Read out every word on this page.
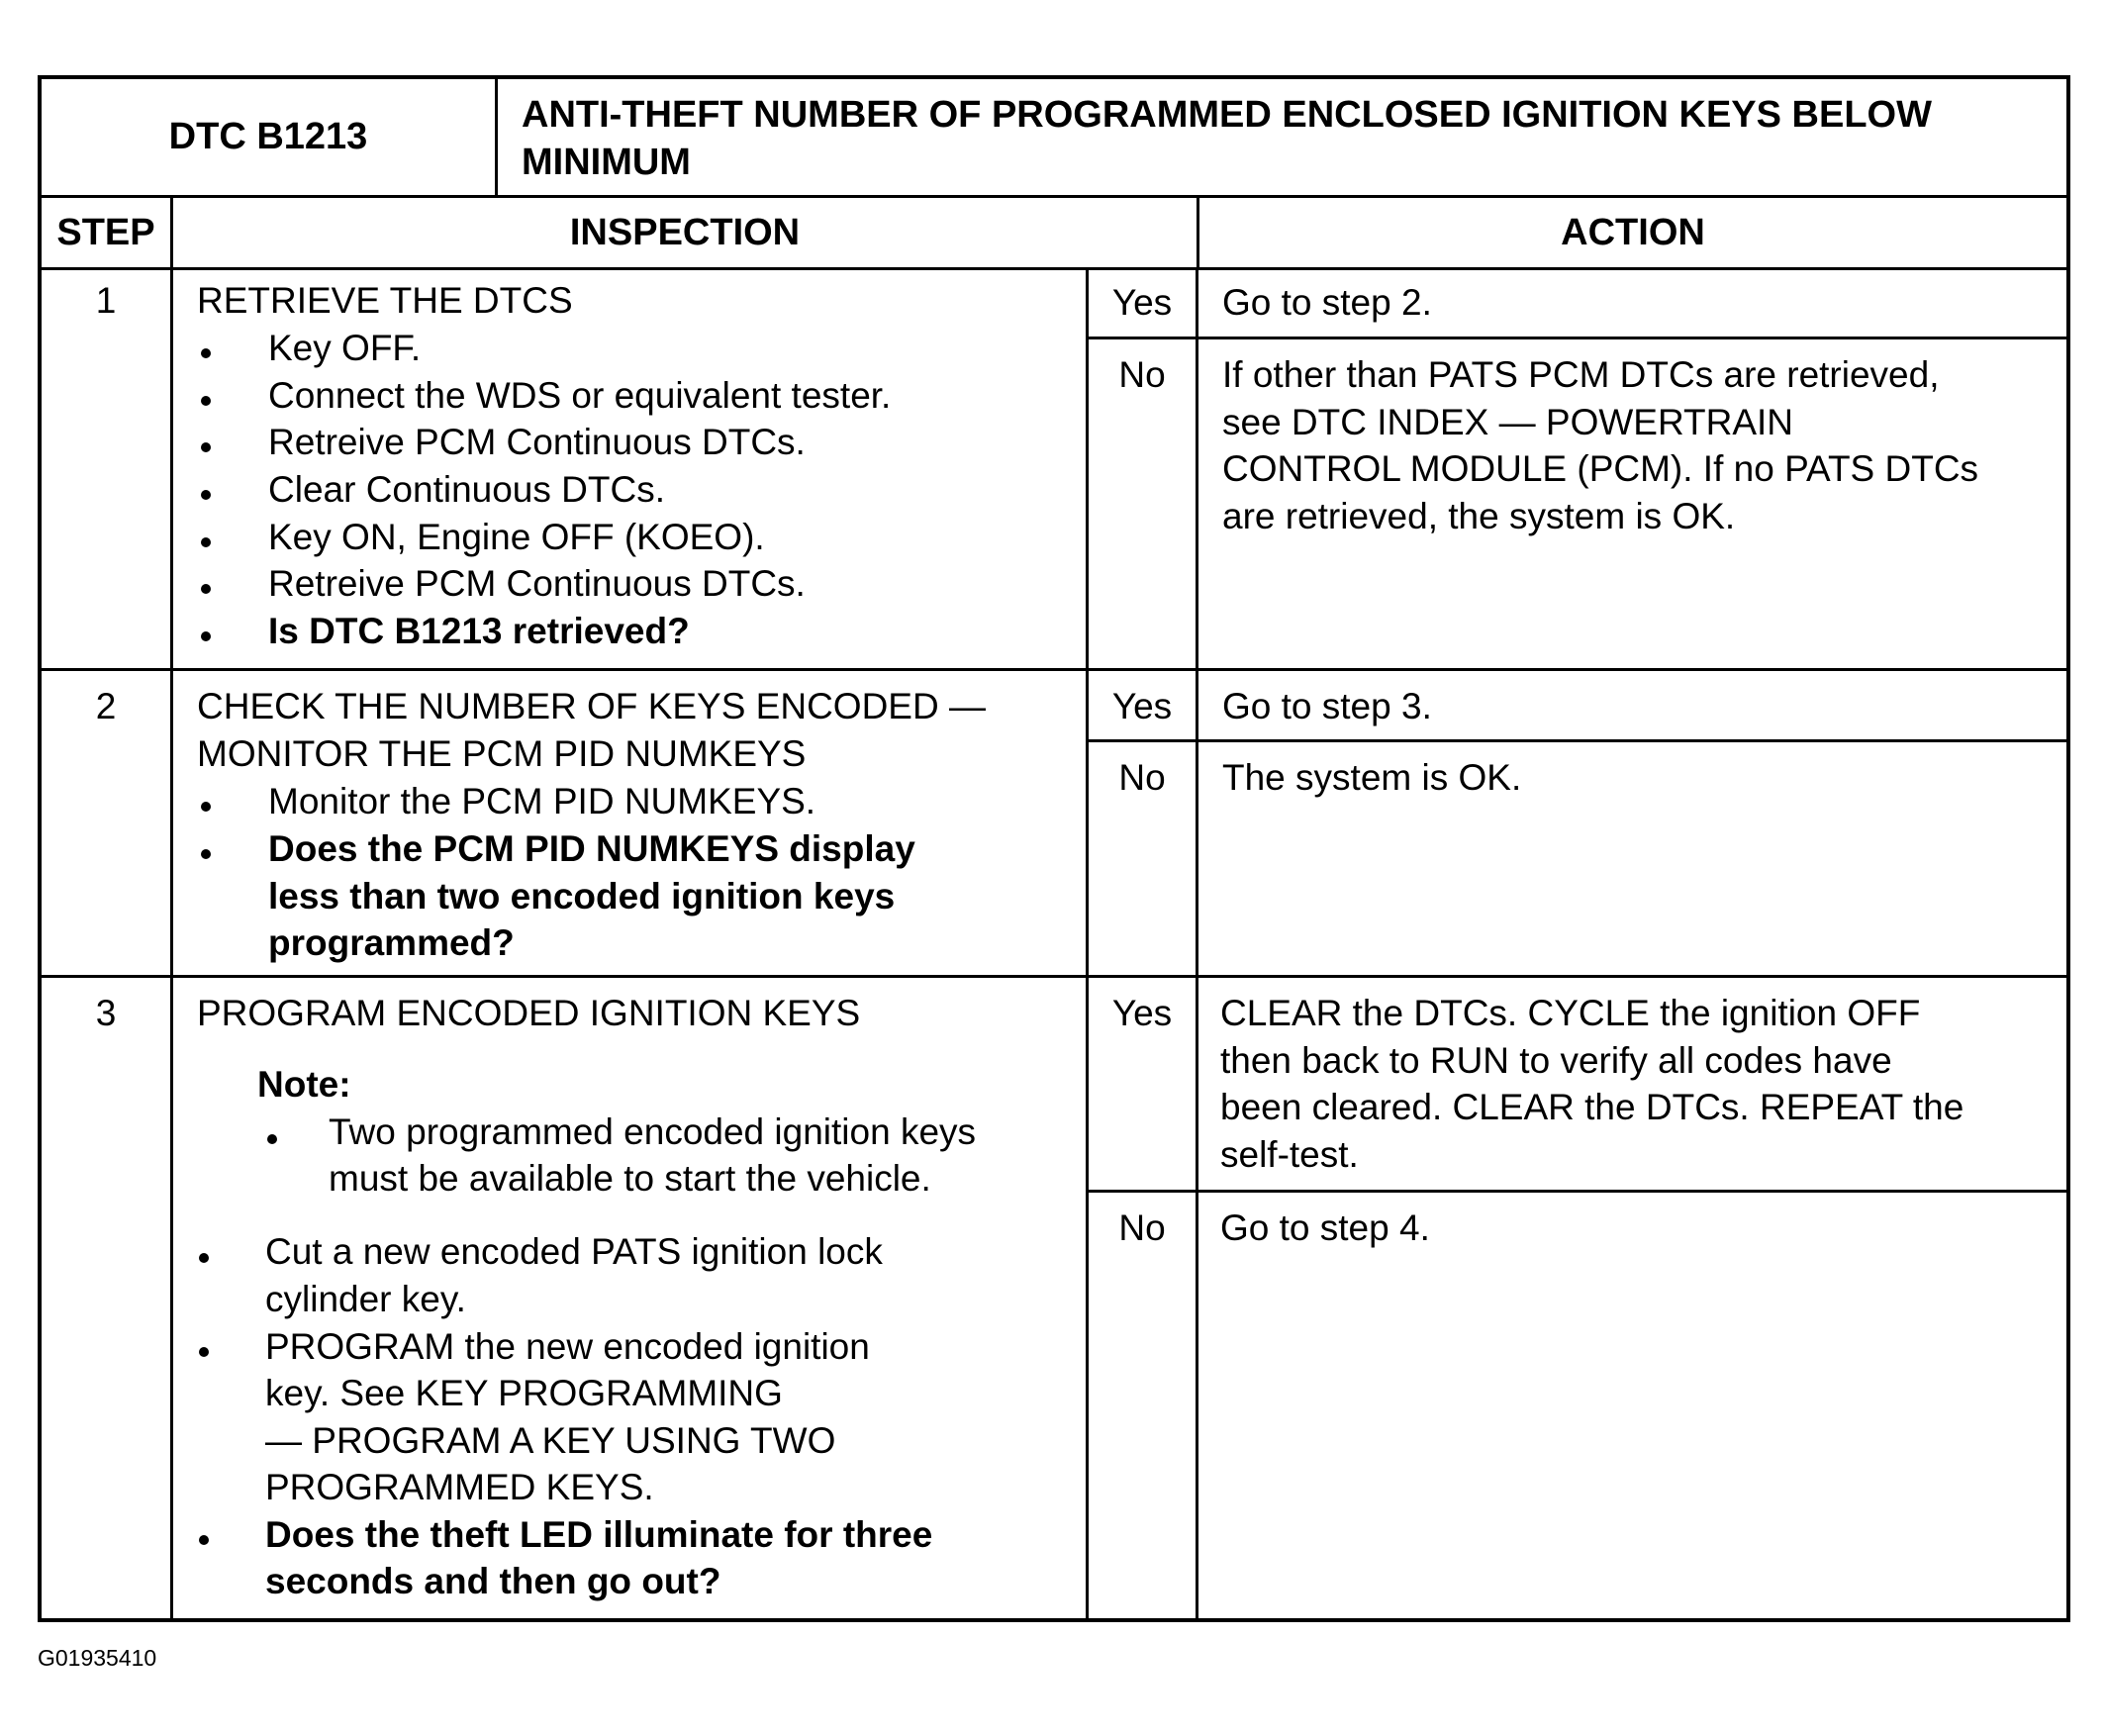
DTC B1213
ANTI-THEFT NUMBER OF PROGRAMMED ENCLOSED IGNITION KEYS BELOW
MINIMUM
STEP	INSPECTION	ACTION
1	RETRIEVE THE DTCS
Key OFF.
Connect the WDS or equivalent tester.
Retreive PCM Continuous DTCs.
Clear Continuous DTCs.
Key ON, Engine OFF (KOEO).
Retreive PCM Continuous DTCs.
Is DTC B1213 retrieved?
Yes	Go to step 2.
No	If other than PATS PCM DTCs are retrieved,
see DTC INDEX — POWERTRAIN
CONTROL MODULE (PCM). If no PATS DTCs
are retrieved, the system is OK.
2	CHECK THE NUMBER OF KEYS ENCODED —
MONITOR THE PCM PID NUMKEYS
Monitor the PCM PID NUMKEYS.
Does the PCM PID NUMKEYS display
less than two encoded ignition keys
programmed?
Yes	Go to step 3.
No	The system is OK.
3	PROGRAM ENCODED IGNITION KEYS
Note:
Two programmed encoded ignition keys
must be available to start the vehicle.
Cut a new encoded PATS ignition lock
cylinder key.
PROGRAM the new encoded ignition
key. See KEY PROGRAMMING
— PROGRAM A KEY USING TWO
PROGRAMMED KEYS.
Does the theft LED illuminate for three
seconds and then go out?
Yes	CLEAR the DTCs. CYCLE the ignition OFF
then back to RUN to verify all codes have
been cleared. CLEAR the DTCs. REPEAT the
self-test.
No	Go to step 4.
G01935410
